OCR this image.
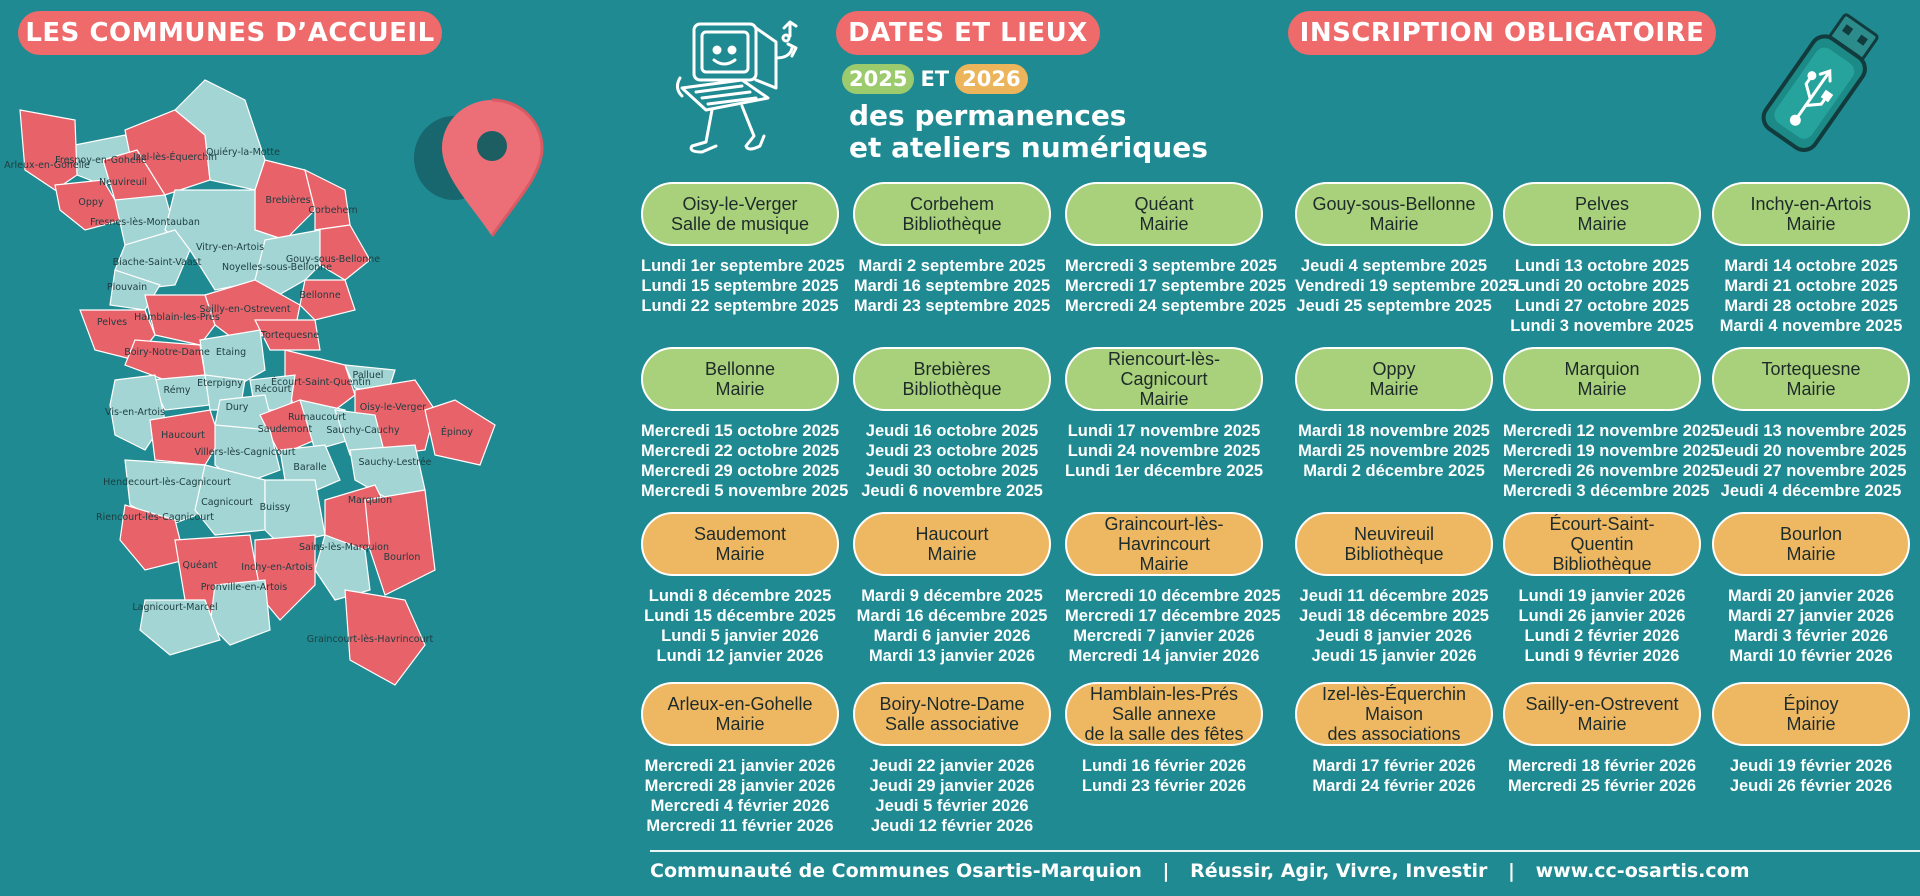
LES COMMUNES D’ACCUEIL	DATES ET LIEUX	INSCRIPTION OBLIGATOIRE
Fresnoy-en-Gohelle
Arleux-en-Gohelle
Izel-lès-Équerchin
Quiéry-la-Motte
Neuvireuil
Oppy
Fresnes-lès-Montauban
Brebières
Corbehem
Vitry-en-Artois
Biache-Saint-Vaast	Gouy-sous-Bellonne
Noyelles-sous-Bellonne
Bellonne
Plouvain
Sailly-en-Ostrevent
Tortequesne
Hamblain-les-Prés
Pelves
Boiry-Notre-Dame Etaing
Palluel
Écourt-Saint-Quentin
Oisy-le-Verger
Rémy
Eterpigny
Récourt
Dury
Vis-en-Artois
Saudemont
Rumaucourt
Sauchy-Cauchy	Épinoy
Haucourt
Villers-lès-Cagnicourt
Baralle	Sauchy-Lestrée
Hendecourt-lès-Cagnicourt
Cagnicourt Buissy
Marquion
Riencourt-lès-Cagnicourt
Sains-lès-Marquion
Bourlon
Inchy-en-Artois
Quéant
Pronville-en-Artois
Lagnicourt-Marcel
Graincourt-lès-Havrincourt
2025 ET 2026
des permanences
et ateliers numériques
Oisy-le-Verger
Salle de musique
Lundi 1er septembre 2025
Lundi 15 septembre 2025
Lundi 22 septembre 2025
Corbehem
Bibliothèque
Mardi 2 septembre 2025
Mardi 16 septembre 2025
Mardi 23 septembre 2025
Quéant
Mairie
Mercredi 3 septembre 2025
Mercredi 17 septembre 2025
Mercredi 24 septembre 2025
Gouy-sous-Bellonne
Mairie
Jeudi 4 septembre 2025
Vendredi 19 septembre 2025
Jeudi 25 septembre 2025
Pelves
Mairie
Lundi 13 octobre 2025
Lundi 20 octobre 2025
Lundi 27 octobre 2025
Lundi 3 novembre 2025
Inchy-en-Artois
Mairie
Mardi 14 octobre 2025
Mardi 21 octobre 2025
Mardi 28 octobre 2025
Mardi 4 novembre 2025
Bellonne
Mairie
Mercredi 15 octobre 2025
Mercredi 22 octobre 2025
Mercredi 29 octobre 2025
Mercredi 5 novembre 2025
Brebières
Bibliothèque
Jeudi 16 octobre 2025
Jeudi 23 octobre 2025
Jeudi 30 octobre 2025
Jeudi 6 novembre 2025
Riencourt-lès-
Cagnicourt
Mairie
Lundi 17 novembre 2025
Lundi 24 novembre 2025
Lundi 1er décembre 2025
Oppy
Mairie
Mardi 18 novembre 2025
Mardi 25 novembre 2025
Mardi 2 décembre 2025
Marquion
Mairie
Mercredi 12 novembre 2025
Mercredi 19 novembre 2025
Mercredi 26 novembre 2025
Mercredi 3 décembre 2025
Tortequesne
Mairie
Jeudi 13 novembre 2025
Jeudi 20 novembre 2025
Jeudi 27 novembre 2025
Jeudi 4 décembre 2025
Saudemont
Mairie
Lundi 8 décembre 2025
Lundi 15 décembre 2025
Lundi 5 janvier 2026
Lundi 12 janvier 2026
Haucourt
Mairie
Mardi 9 décembre 2025
Mardi 16 décembre 2025
Mardi 6 janvier 2026
Mardi 13 janvier 2026
Graincourt-lès-
Havrincourt
Mairie
Mercredi 10 décembre 2025
Mercredi 17 décembre 2025
Mercredi 7 janvier 2026
Mercredi 14 janvier 2026
Neuvireuil
Bibliothèque
Jeudi 11 décembre 2025
Jeudi 18 décembre 2025
Jeudi 8 janvier 2026
Jeudi 15 janvier 2026
Écourt-Saint-
Quentin
Bibliothèque
Lundi 19 janvier 2026
Lundi 26 janvier 2026
Lundi 2 février 2026
Lundi 9 février 2026
Bourlon
Mairie
Mardi 20 janvier 2026
Mardi 27 janvier 2026
Mardi 3 février 2026
Mardi 10 février 2026
Arleux-en-Gohelle
Mairie
Mercredi 21 janvier 2026
Mercredi 28 janvier 2026
Mercredi 4 février 2026
Mercredi 11 février 2026
Boiry-Notre-Dame
Salle associative
Jeudi 22 janvier 2026
Jeudi 29 janvier 2026
Jeudi 5 février 2026
Jeudi 12 février 2026
Hamblain-les-Prés
Salle annexe
de la salle des fêtes
Lundi 16 février 2026
Lundi 23 février 2026
Izel-lès-Équerchin
Maison
des associations
Mardi 17 février 2026
Mardi 24 février 2026
Sailly-en-Ostrevent
Mairie
Mercredi 18 février 2026
Mercredi 25 février 2026
Épinoy
Mairie
Jeudi 19 février 2026
Jeudi 26 février 2026
Communauté de Communes Osartis-Marquion | Réussir, Agir, Vivre, Investir | www.cc-osartis.com
